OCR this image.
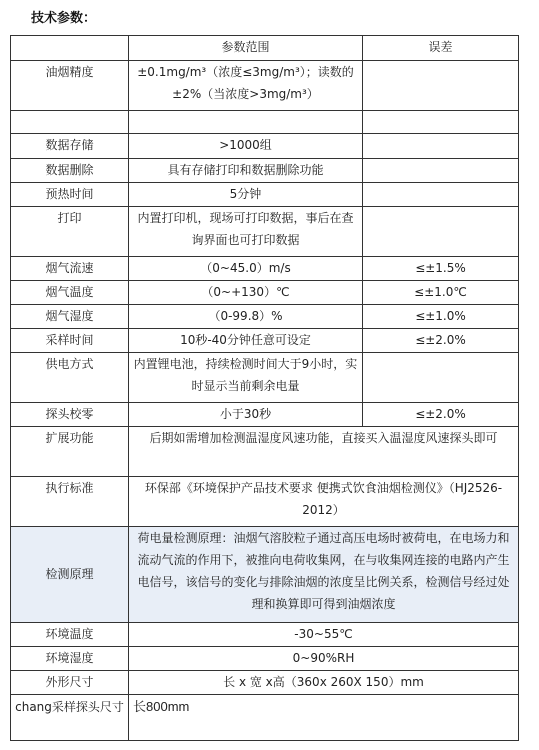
技术参数：
	参数范围	误差
油烟精度	±0.1mg/m³（浓度≤3mg/m³）；读数的±2%（当浓度>3mg/m³）	

数据存储	>1000组	
数据删除	具有存储打印和数据删除功能	
预热时间	5分钟	
打印	内置打印机，现场可打印数据，事后在查询界面也可打印数据	
烟气流速	（0~45.0）m/s	≤±1.5%
烟气温度	（0~+130）℃	≤±1.0℃
烟气湿度	（0-99.8）%	≤±1.0%
采样时间	10秒-40分钟任意可设定	≤±2.0%
供电方式	内置锂电池，持续检测时间大于9小时，实时显示当前剩余电量	
探头校零	小于30秒	≤±2.0%
扩展功能	后期如需增加检测温湿度风速功能，直接买入温湿度风速探头即可	
执行标准	环保部《环境保护产品技术要求 便携式饮食油烟检测仪》（HJ2526-2012）	
检测原理	荷电量检测原理：油烟气溶胶粒子通过高压电场时被荷电，在电场力和流动气流的作用下，被推向电荷收集网，在与收集网连接的电路内产生电信号，该信号的变化与排除油烟的浓度呈比例关系，检测信号经过处理和换算即可得到油烟浓度	
环境温度	-30~55℃	
环境湿度	0~90%RH	
外形尺寸	长 x 宽 x高（360x 260X 150）mm	
chang采样探头尺寸	长800mm	
